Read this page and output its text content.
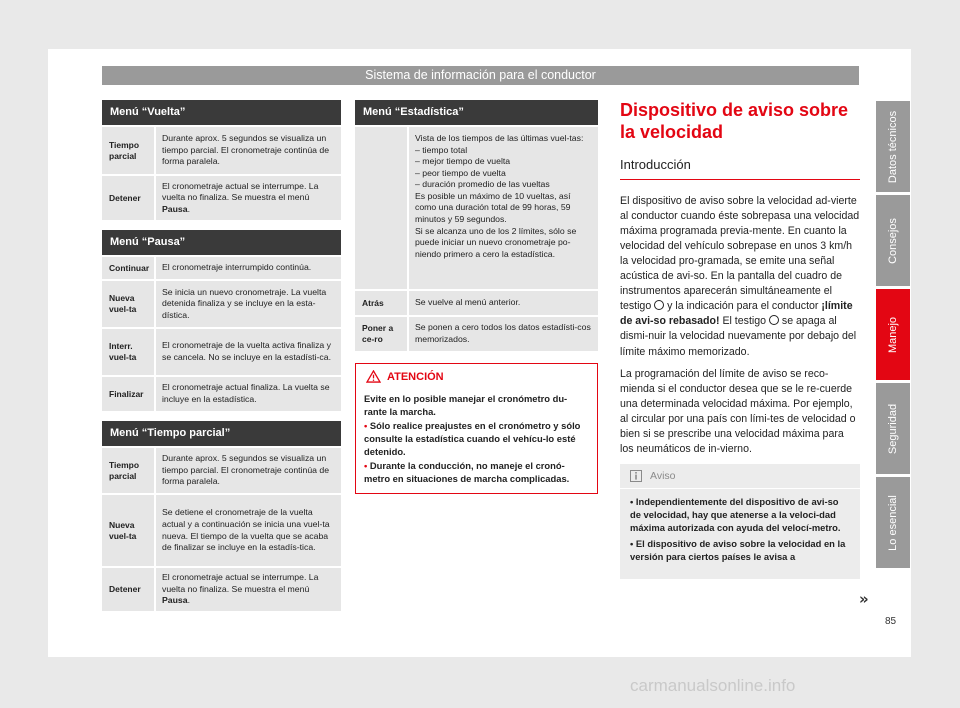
Sistema de información para el conductor
Menú “Vuelta”
Tiempo parcial
Durante aprox. 5 segundos se visualiza un tiempo parcial. El cronometraje continúa de forma paralela.
Detener
El cronometraje actual se interrumpe. La vuelta no finaliza. Se muestra el menú Pausa.
Menú “Pausa”
Continuar	El cronometraje interrumpido continúa.
Nueva vuel-ta
Se inicia un nuevo cronometraje. La vuelta detenida finaliza y se incluye en la esta-dística.
Interr. vuel-ta
El cronometraje de la vuelta activa finaliza y se cancela. No se incluye en la estadísti-ca.
Finalizar
El cronometraje actual finaliza. La vuelta se incluye en la estadística.
Menú “Tiempo parcial”
Tiempo parcial
Durante aprox. 5 segundos se visualiza un tiempo parcial. El cronometraje continúa de forma paralela.
Nueva vuel-ta
Se detiene el cronometraje de la vuelta actual y a continuación se inicia una vuel-ta nueva. El tiempo de la vuelta que se acaba de finalizar se incluye en la estadís-tica.
Detener
El cronometraje actual se interrumpe. La vuelta no finaliza. Se muestra el menú Pausa.
Menú “Estadística”
Vista de los tiempos de las últimas vuel-tas:
– tiempo total
– mejor tiempo de vuelta
– peor tiempo de vuelta
– duración promedio de las vueltas
Es posible un máximo de 10 vueltas, así como una duración total de 99 horas, 59 minutos y 59 segundos.
Si se alcanza uno de los 2 límites, sólo se puede iniciar un nuevo cronometraje po-niendo primero a cero la estadística.
Atrás	Se vuelve al menú anterior.
Poner a ce-ro
Se ponen a cero todos los datos estadísti-cos memorizados.
ATENCIÓN

Evite en lo posible manejar el cronómetro du-rante la marcha.

• Sólo realice preajustes en el cronómetro y sólo consulte la estadística cuando el vehícu-lo esté detenido.

• Durante la conducción, no maneje el cronó-metro en situaciones de marcha complicadas.

Dispositivo de aviso sobre la velocidad
Introducción

El dispositivo de aviso sobre la velocidad ad-vierte al conductor cuando éste sobrepasa una velocidad máxima programada previa-mente. En cuanto la velocidad del vehículo sobrepase en unos 3 km/h la velocidad pro-gramada, se emite una señal acústica de avi-so. En la pantalla del cuadro de instrumentos aparecerán simultáneamente el testigo  y la indicación para el conductor ¡límite de avi-so rebasado! El testigo  se apaga al dismi-nuir la velocidad nuevamente por debajo del límite máximo memorizado.

La programación del límite de aviso se reco-mienda si el conductor desea que se le re-cuerde una determinada velocidad máxima. Por ejemplo, al circular por una país con lími-tes de velocidad o bien si se prescribe una velocidad máxima para los neumáticos de in-vierno.

Aviso

• Independientemente del dispositivo de avi-so de velocidad, hay que atenerse a la veloci-dad máxima autorizada con ayuda del velocí-metro.

• El dispositivo de aviso sobre la velocidad en la versión para ciertos países le avisa a

»
Datos técnicos
Consejos
Manejo
Seguridad
Lo esencial
85
carmanualsonline.info
